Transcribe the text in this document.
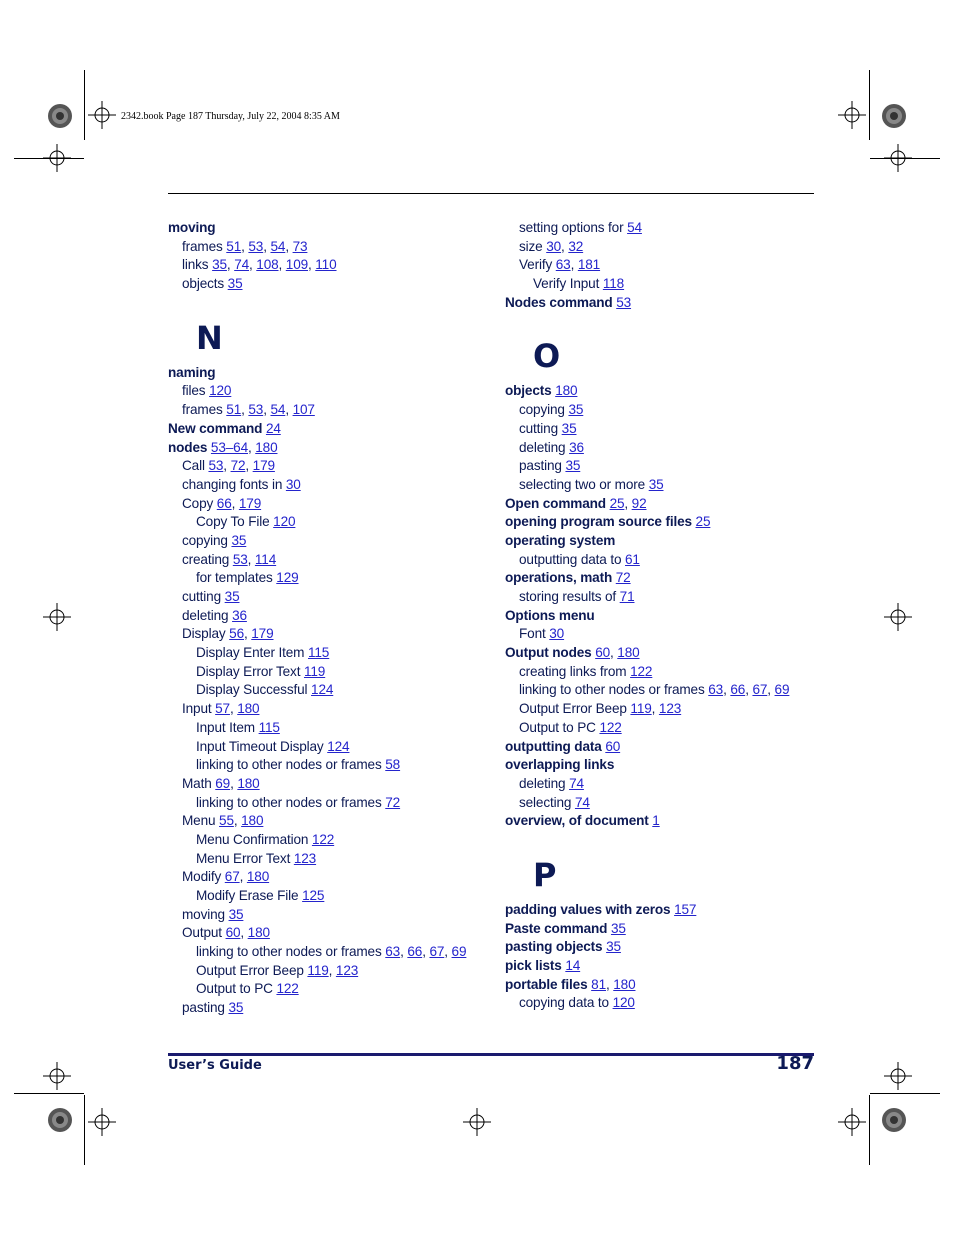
2342.book Page 187 Thursday, July 22, 2004 8:35 AM
moving
frames 51, 53, 54, 73
links 35, 74, 108, 109, 110
objects 35
N
naming
files 120
frames 51, 53, 54, 107
New command 24
nodes 53–64, 180
Call 53, 72, 179
changing fonts in 30
Copy 66, 179
Copy To File 120
copying 35
creating 53, 114
for templates 129
cutting 35
deleting 36
Display 56, 179
Display Enter Item 115
Display Error Text 119
Display Successful 124
Input 57, 180
Input Item 115
Input Timeout Display 124
linking to other nodes or frames 58
Math 69, 180
linking to other nodes or frames 72
Menu 55, 180
Menu Confirmation 122
Menu Error Text 123
Modify 67, 180
Modify Erase File 125
moving 35
Output 60, 180
linking to other nodes or frames 63, 66, 67, 69
Output Error Beep 119, 123
Output to PC 122
pasting 35
setting options for 54
size 30, 32
Verify 63, 181
Verify Input 118
Nodes command 53
O
objects 180
copying 35
cutting 35
deleting 36
pasting 35
selecting two or more 35
Open command 25, 92
opening program source files 25
operating system
outputting data to 61
operations, math 72
storing results of 71
Options menu
Font 30
Output nodes 60, 180
creating links from 122
linking to other nodes or frames 63, 66, 67, 69
Output Error Beep 119, 123
Output to PC 122
outputting data 60
overlapping links
deleting 74
selecting 74
overview, of document 1
P
padding values with zeros 157
Paste command 35
pasting objects 35
pick lists 14
portable files 81, 180
copying data to 120
User’s Guide	187
